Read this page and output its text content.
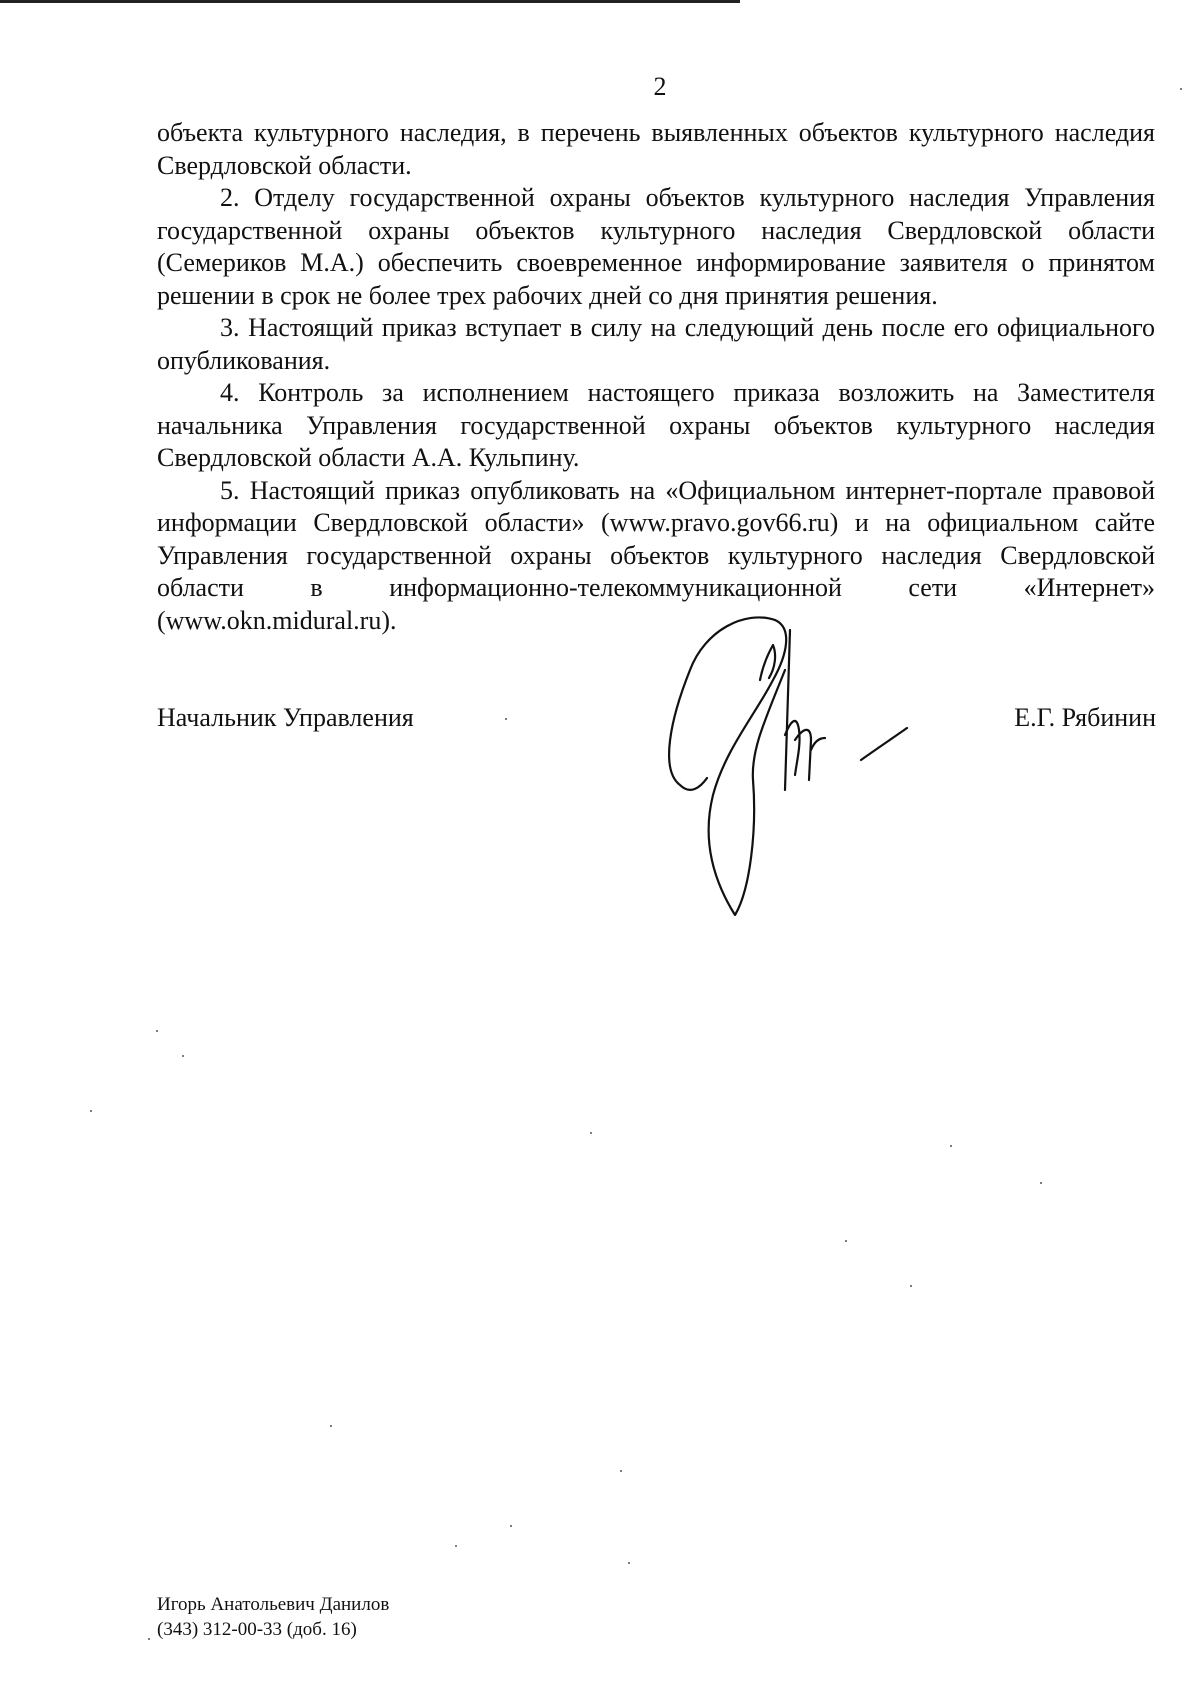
2

объекта культурного наследия, в перечень выявленных объектов культурного наследия Свердловской области.

2. Отделу государственной охраны объектов культурного наследия Управления государственной охраны объектов культурного наследия Свердловской области (Семериков М.А.) обеспечить своевременное информирование заявителя о принятом решении в срок не более трех рабочих дней со дня принятия решения.

3. Настоящий приказ вступает в силу на следующий день после его официального опубликования.

4. Контроль за исполнением настоящего приказа возложить на Заместителя начальника Управления государственной охраны объектов культурного наследия Свердловской области А.А. Кульпину.

5. Настоящий приказ опубликовать на «Официальном интернет-портале правовой информации Свердловской области» (www.pravo.gov66.ru) и на официальном сайте Управления государственной охраны объектов культурного наследия Свердловской области в информационно-телекоммуникационной сети «Интернет» (www.okn.midural.ru).

Начальник Управления	Е.Г. Рябинин
Игорь Анатольевич Данилов
(343) 312-00-33 (доб. 16)
